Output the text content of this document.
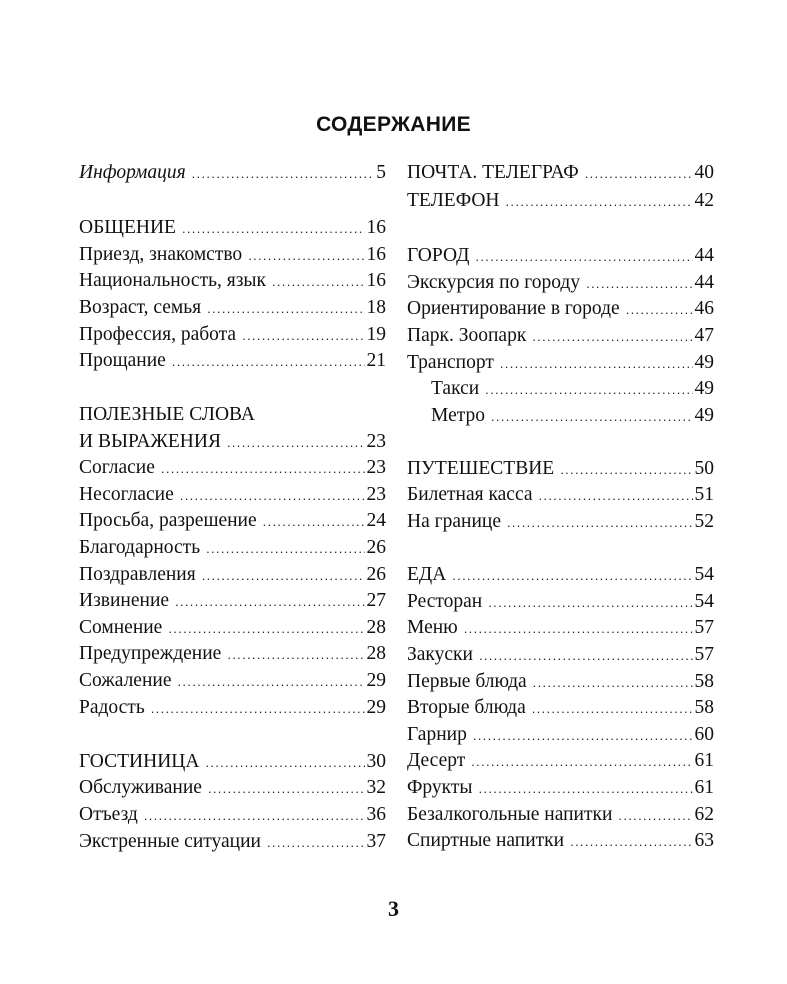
СОДЕРЖАНИЕ
Информация .....	5
ОБЩЕНИЕ .....	16
Приезд, знакомство .....	16
Национальность, язык .....	16
Возраст, семья .....	18
Профессия, работа .....	19
Прощание .....	21
ПОЛЕЗНЫЕ СЛОВА
И ВЫРАЖЕНИЯ .....	23
Согласие .....	23
Несогласие .....	23
Просьба, разрешение .....	24
Благодарность .....	26
Поздравления .....	26
Извинение .....	27
Сомнение .....	28
Предупреждение .....	28
Сожаление .....	29
Радость .....	29
ГОСТИНИЦА .....	30
Обслуживание .....	32
Отъезд .....	36
Экстренные ситуации .....	37
ПОЧТА. ТЕЛЕГРАФ .....	40
ТЕЛЕФОН .....	42
ГОРОД .....	44
Экскурсия по городу .....	44
Ориентирование в городе .....	46
Парк. Зоопарк .....	47
Транспорт .....	49
Такси .....	49
Метро .....	49
ПУТЕШЕСТВИЕ .....	50
Билетная касса .....	51
На границе .....	52
ЕДА .....	54
Ресторан .....	54
Меню .....	57
Закуски .....	57
Первые блюда .....	58
Вторые блюда .....	58
Гарнир .....	60
Десерт .....	61
Фрукты .....	61
Безалкогольные напитки .....	62
Спиртные напитки .....	63
3
